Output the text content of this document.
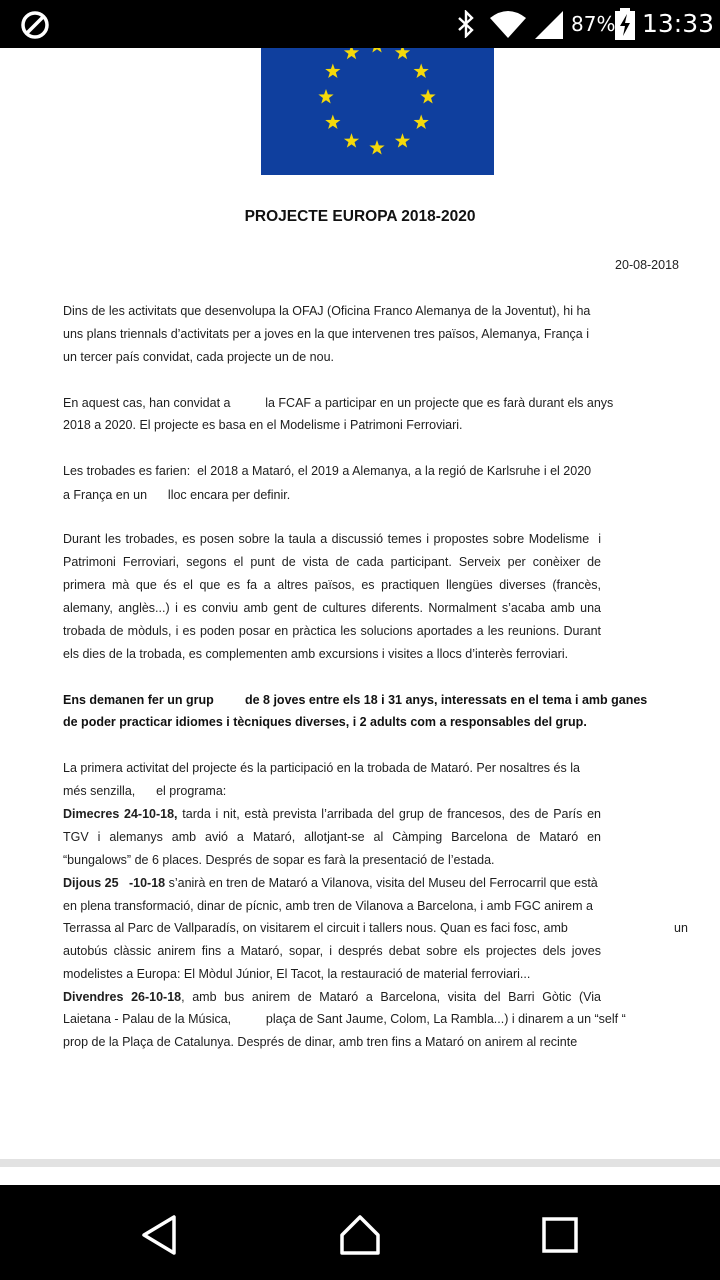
87% 13:33
PROJECTE EUROPA 2018-2020
20-08-2018
Dins de les activitats que desenvolupa la OFAJ (Oficina Franco Alemanya de la Joventut), hi ha
uns plans triennals d’activitats per a joves en la que intervenen tres països, Alemanya, França i
un tercer país convidat, cada projecte un de nou.
En aquest cas, han convidat a          la FCAF a participar en un projecte que es farà durant els anys
2018 a 2020. El projecte es basa en el Modelisme i Patrimoni Ferroviari.
Les trobades es farien:  el 2018 a Mataró, el 2019 a Alemanya, a la regió de Karlsruhe i el 2020
a França en un      lloc encara per definir.
Durant les trobades, es posen sobre la taula a discussió temes i propostes sobre Modelisme  i
Patrimoni Ferroviari, segons el punt de vista de cada participant. Serveix per conèixer de
primera mà que és el que es fa a altres països, es practiquen llengües diverses (francès,
alemany, anglès...) i es conviu amb gent de cultures diferents. Normalment s’acaba amb una
trobada de mòduls, i es poden posar en pràctica les solucions aportades a les reunions. Durant
els dies de la trobada, es complementen amb excursions i visites a llocs d’interès ferroviari.
Ens demanen fer un grup         de 8 joves entre els 18 i 31 anys, interessats en el tema i amb ganes
de poder practicar idiomes i tècniques diverses, i 2 adults com a responsables del grup.
La primera activitat del projecte és la participació en la trobada de Mataró. Per nosaltres és la
més senzilla,      el programa:
Dimecres 24-10-18, tarda i nit, està prevista l’arribada del grup de francesos, des de París en
TGV i alemanys amb avió a Mataró, allotjant-se al Càmping Barcelona de Mataró en
“bungalows” de 6 places. Després de sopar es farà la presentació de l’estada.
Dijous 25   -10-18 s’anirà en tren de Mataró a Vilanova, visita del Museu del Ferrocarril que està
en plena transformació, dinar de pícnic, amb tren de Vilanova a Barcelona, i amb FGC anirem a
Terrassa al Parc de Vallparadís, on visitarem el circuit i tallers nous. Quan es faci fosc, amb	un
autobús clàssic anirem fins a Mataró, sopar, i després debat sobre els projectes dels joves
modelistes a Europa: El Mòdul Júnior, El Tacot, la restauració de material ferroviari...
Divendres 26-10-18, amb bus anirem de Mataró a Barcelona, visita del Barri Gòtic (Via
Laietana - Palau de la Música,          plaça de Sant Jaume, Colom, La Rambla...) i dinarem a un “self “
prop de la Plaça de Catalunya. Després de dinar, amb tren fins a Mataró on anirem al recinte
